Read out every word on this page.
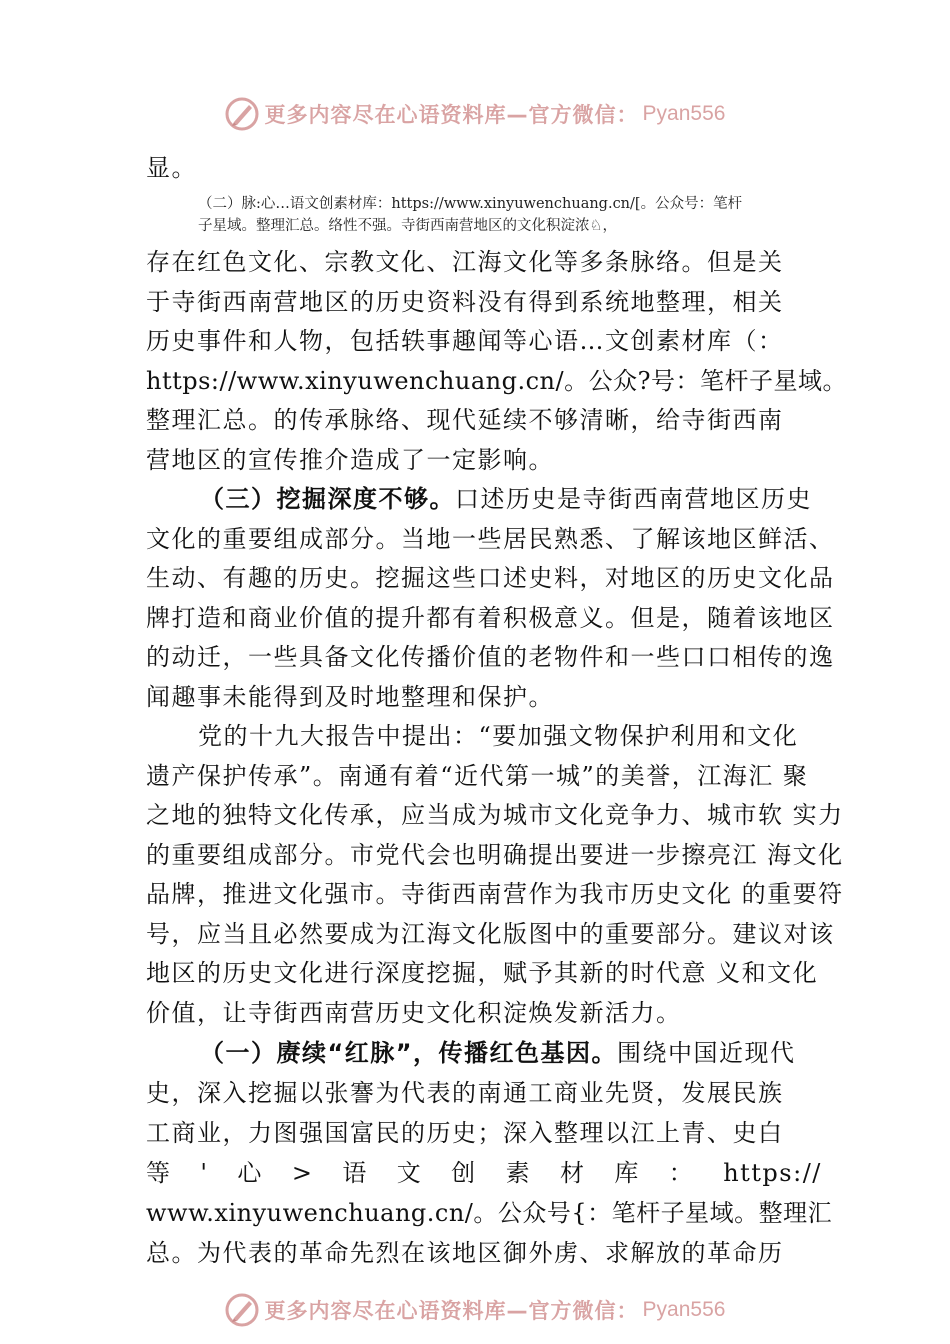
更多内容尽在心语资料库—官方微信： Pyan556
显。
（二）脉:心…语文创素材库：https://www.xinyuwenchuang.cn/[。公众号：笔杆
子星域。整理汇总。络性不强。寺街西南营地区的文化积淀浓♘，
存在红色文化、宗教文化、江海文化等多条脉络。但是关
于寺街西南营地区的历史资料没有得到系统地整理，相关
历史事件和人物，包括轶事趣闻等心语…文创素材库（：
https://www.xinyuwenchuang.cn/。公众?号：笔杆子星域。
整理汇总。的传承脉络、现代延续不够清晰，给寺街西南
营地区的宣传推介造成了一定影响。
（三）挖掘深度不够。口述历史是寺街西南营地区历史
文化的重要组成部分。当地一些居民熟悉、了解该地区鲜活、
生动、有趣的历史。挖掘这些口述史料，对地区的历史文化品
牌打造和商业价值的提升都有着积极意义。但是，随着该地区
的动迁，一些具备文化传播价值的老物件和一些口口相传的逸
闻趣事未能得到及时地整理和保护。
党的十九大报告中提出：“要加强文物保护利用和文化
遗产保护传承”。南通有着“近代第一城”的美誉，江海汇 聚
之地的独特文化传承，应当成为城市文化竞争力、城市软 实力
的重要组成部分。市党代会也明确提出要进一步擦亮江 海文化
品牌，推进文化强市。寺街西南营作为我市历史文化 的重要符
号，应当且必然要成为江海文化版图中的重要部分。建议对该
地区的历史文化进行深度挖掘，赋予其新的时代意 义和文化
价值，让寺街西南营历史文化积淀焕发新活力。
（一）赓续“红脉”，传播红色基因。围绕中国近现代
史，深入挖掘以张謇为代表的南通工商业先贤，发展民族
工商业，力图强国富民的历史；深入整理以江上青、史白
等 ' 心 > 语 文 创 素 材 库 ： https://
www.xinyuwenchuang.cn/。公众号{：笔杆子星域。整理汇
总。为代表的革命先烈在该地区御外虏、求解放的革命历
更多内容尽在心语资料库—官方微信： Pyan556
